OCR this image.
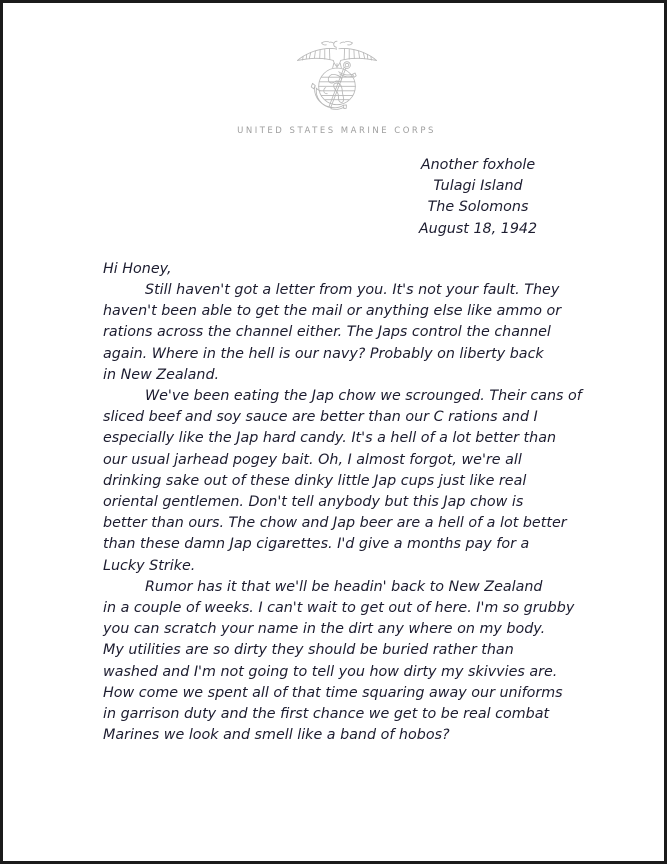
UNITED STATES MARINE CORPS
Another foxhole
Tulagi Island
The Solomons
August 18, 1942
Hi Honey,

Still haven't got a letter from you. It's not your fault. They
haven't been able to get the mail or anything else like ammo or
rations across the channel either. The Japs control the channel
again. Where in the hell is our navy? Probably on liberty back
in New Zealand.

We've been eating the Jap chow we scrounged. Their cans of
sliced beef and soy sauce are better than our C rations and I
especially like the Jap hard candy. It's a hell of a lot better than
our usual jarhead pogey bait. Oh, I almost forgot, we're all
drinking sake out of these dinky little Jap cups just like real
oriental gentlemen. Don't tell anybody but this Jap chow is
better than ours. The chow and Jap beer are a hell of a lot better
than these damn Jap cigarettes. I'd give a months pay for a
Lucky Strike.

Rumor has it that we'll be headin' back to New Zealand
in a couple of weeks. I can't wait to get out of here. I'm so grubby
you can scratch your name in the dirt any where on my body.
My utilities are so dirty they should be buried rather than
washed and I'm not going to tell you how dirty my skivvies are.
How come we spent all of that time squaring away our uniforms
in garrison duty and the first chance we get to be real combat
Marines we look and smell like a band of hobos?
